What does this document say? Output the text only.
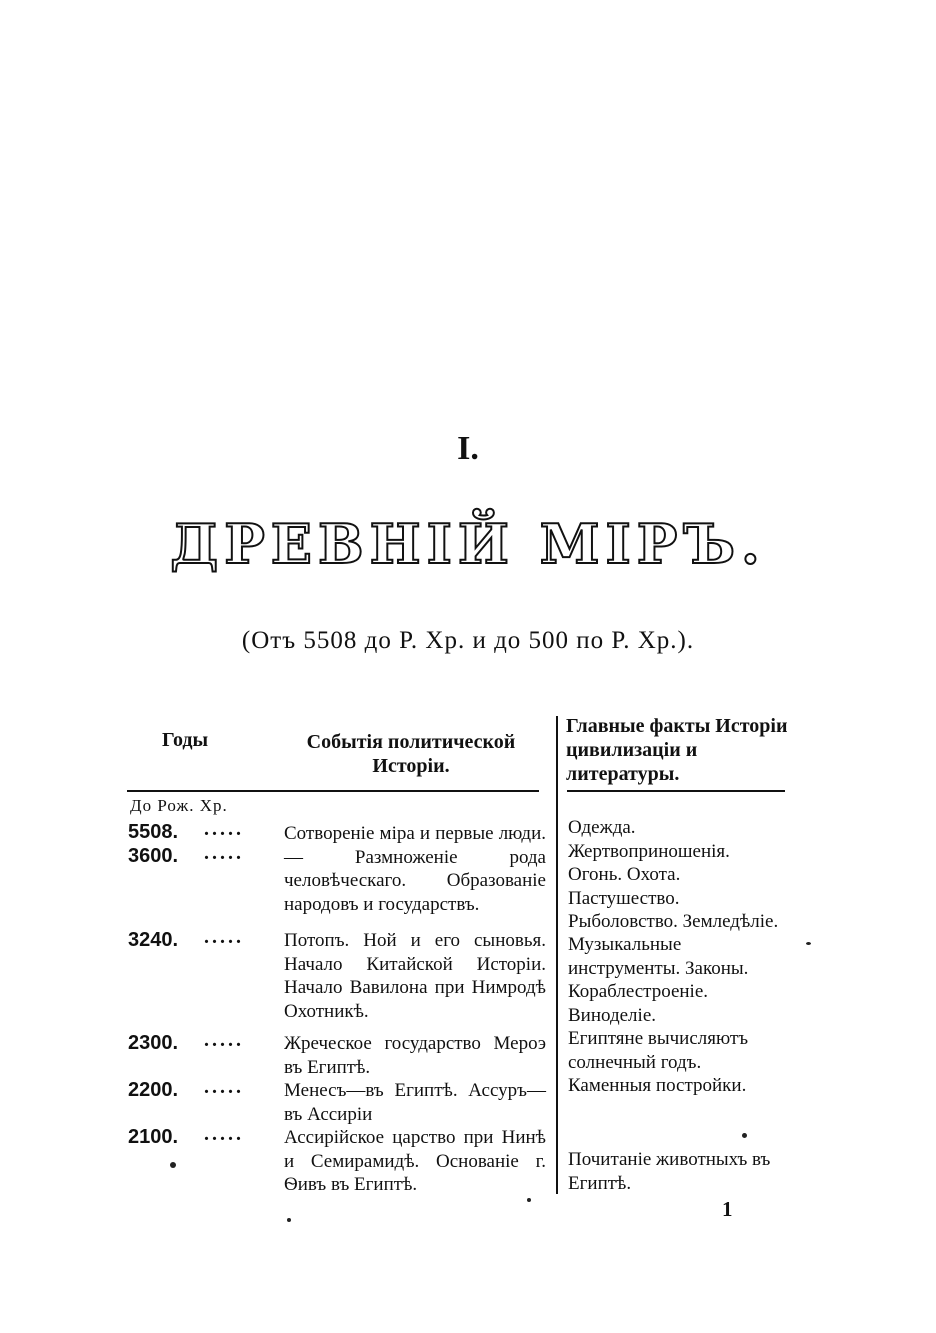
I.
ДРЕВНІЙ МІРЪ.
(Отъ 5508 до Р. Хр. и до 500 по Р. Хр.).
Годы	Событія политической Исторіи.
Главные факты Исторіи цивилизаціи и литературы.
До Рож. Хр.
5508.
3600.
3240.
2300.
2200.
2100.
.....
.....
.....
.....
.....
.....
Сотвореніе міра и первые люди. — Размноженіе рода человѣческаго. Образованіе народовъ и государствъ.
Потопъ. Ной и его сыновья. Начало Китайской Исторіи. Начало Вавилона при Нимродѣ Охотникѣ.
Жреческое государство Мероэ въ Египтѣ.
Менесъ—въ Египтѣ. Ассуръ—въ Ассиріи
Ассирійское царство при Нинѣ и Семирамидѣ. Основаніе г. Ѳивъ въ Египтѣ.
Одежда. Жертвоприношенія.
Огонь. Охота. Пастушество. Рыболовство. Земледѣліе.
Музыкальные инструменты. Законы.
Кораблестроеніе. Виноделіе.
Египтяне вычисляютъ солнечный годъ.
Каменныя постройки.
Почитаніе животныхъ въ Египтѣ.
1
